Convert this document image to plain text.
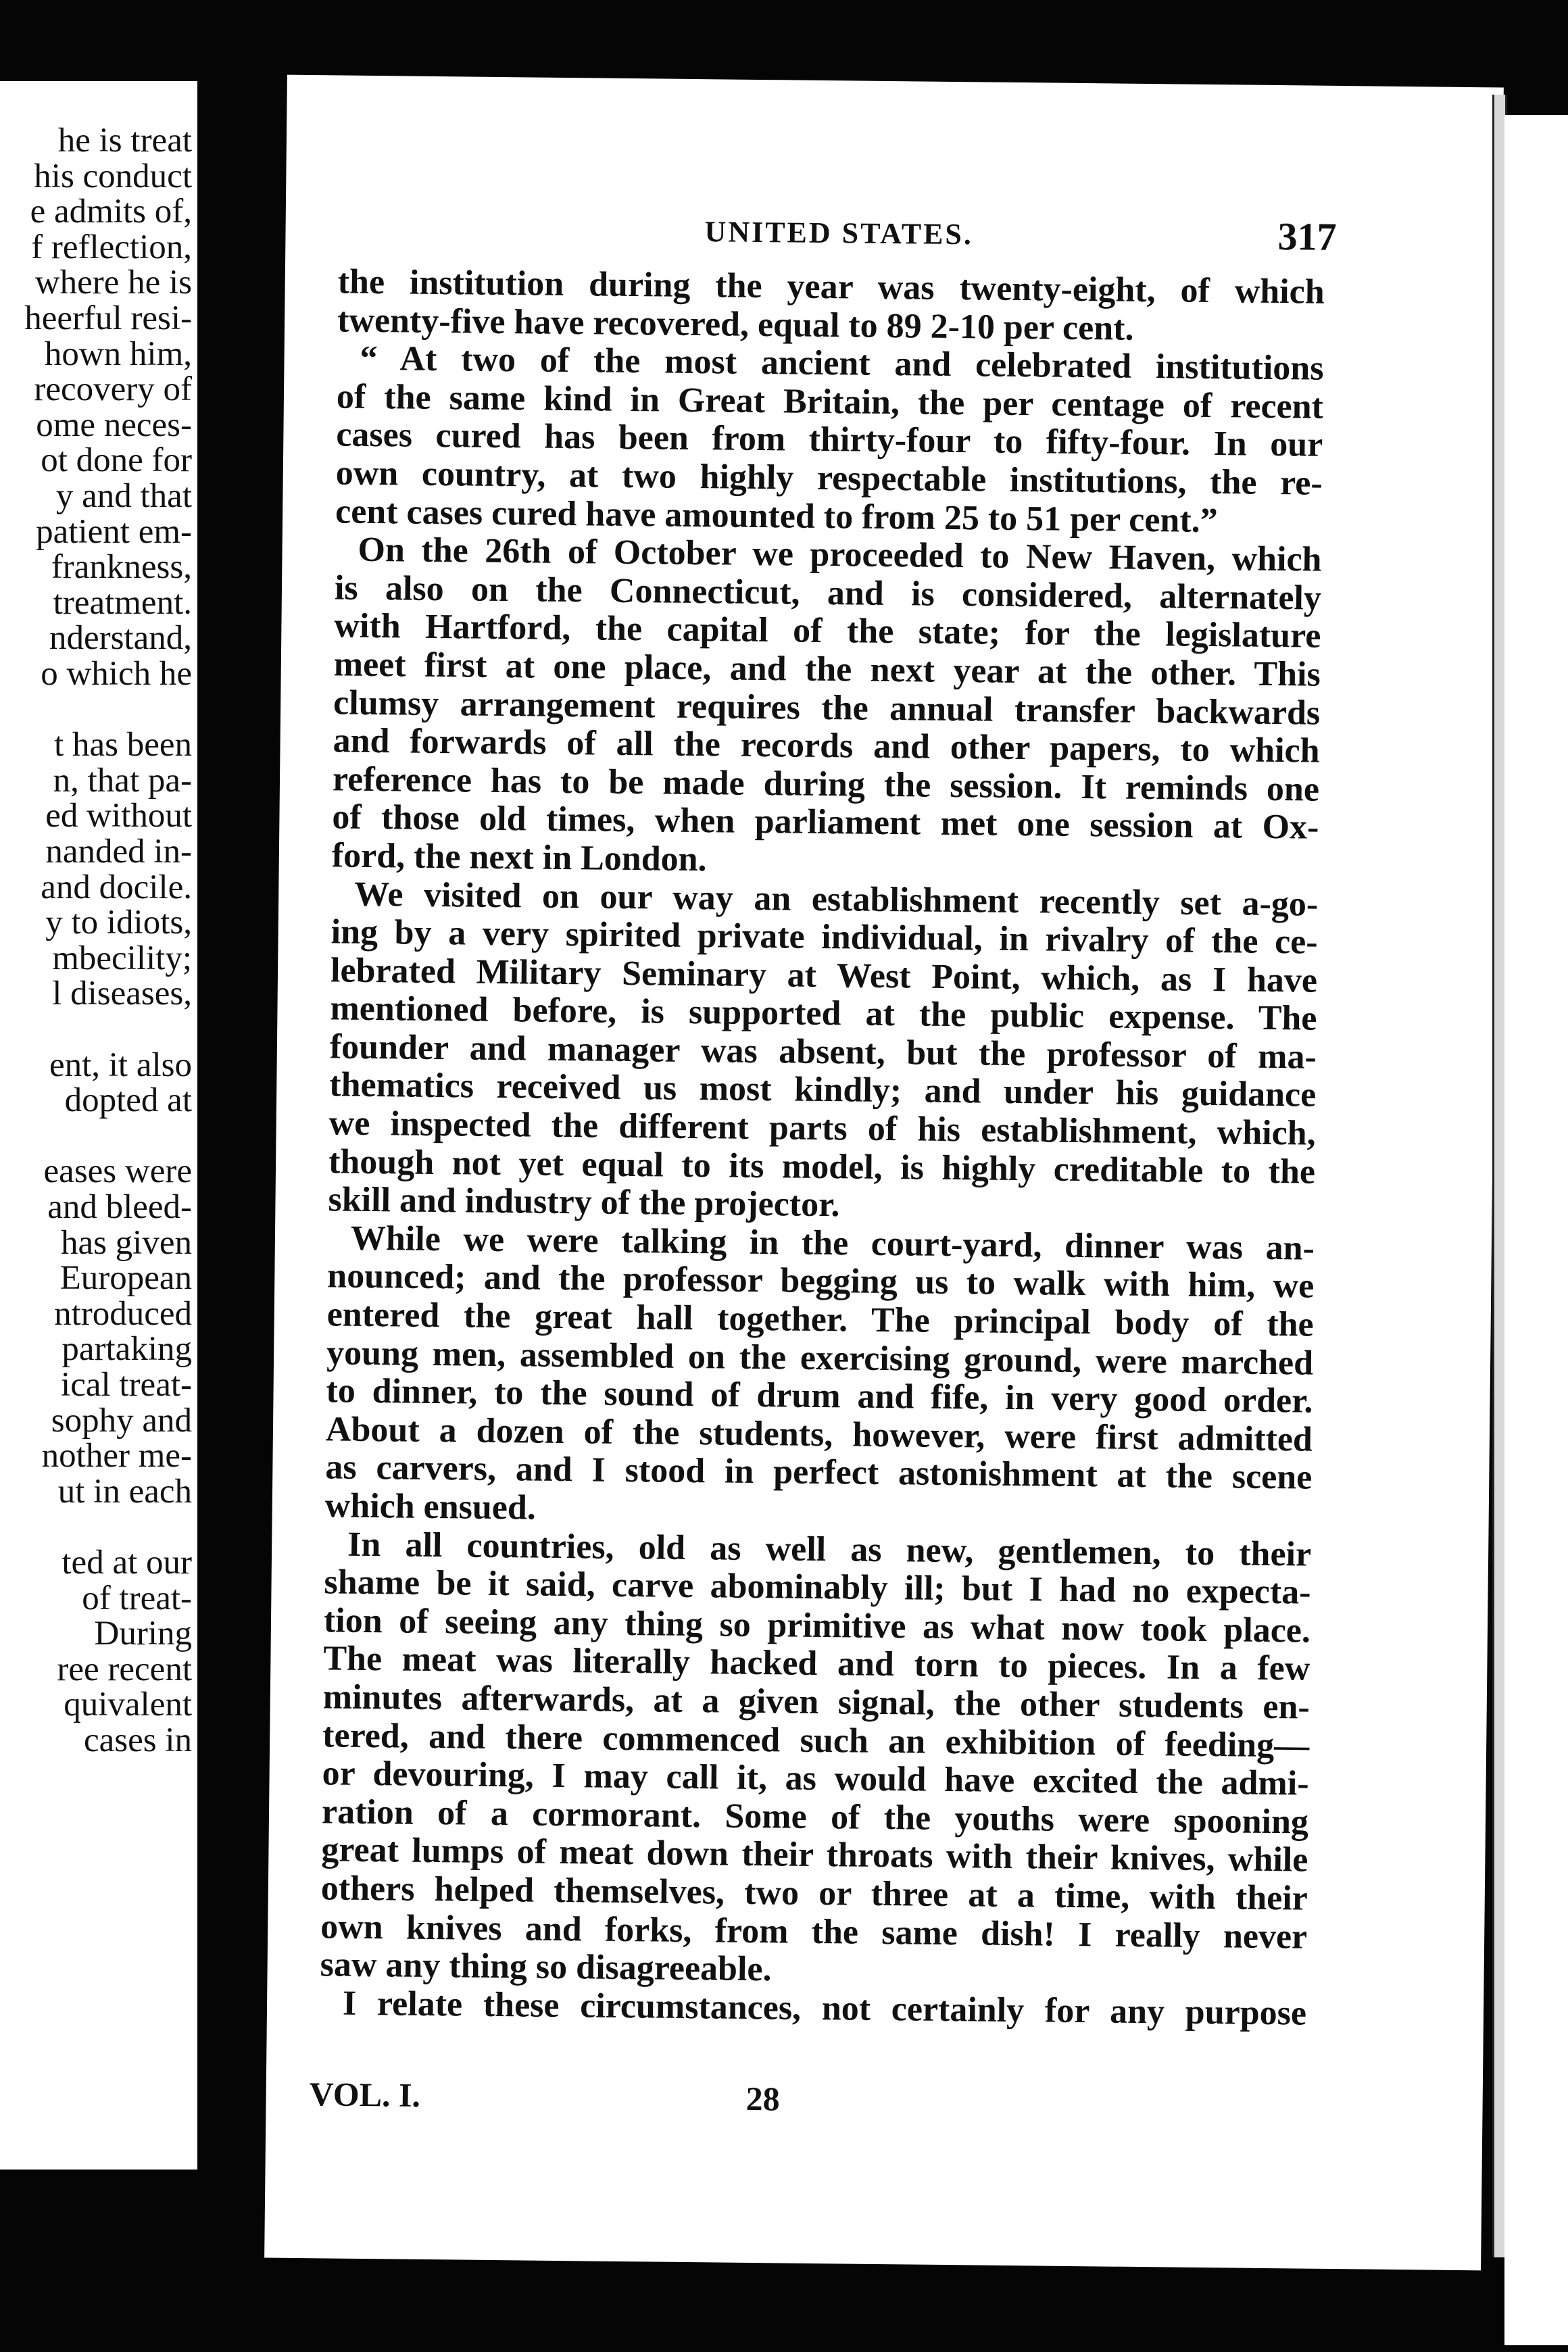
he is treat
his conduct
e admits of,
f reflection,
where he is
heerful resi-
hown him,
recovery of
ome neces-
ot done for
y and that
patient em-
frankness,
treatment.
nderstand,
o which he
t has been
n, that pa-
ed without
nanded in-
and docile.
y to idiots,
mbecility;
l diseases,
ent, it also
dopted at
eases were
and bleed-
has given
European
ntroduced
partaking
ical treat-
sophy and
nother me-
ut in each
ted at our
of treat-
During
ree recent
quivalent
cases in
UNITED STATES.	317
the institution during the year was twenty-eight, of which
twenty-five have recovered, equal to 89 2-10 per cent.
“ At two of the most ancient and celebrated institutions
of the same kind in Great Britain, the per centage of recent
cases cured has been from thirty-four to fifty-four. In our
own country, at two highly respectable institutions, the re-
cent cases cured have amounted to from 25 to 51 per cent.”
On the 26th of October we proceeded to New Haven, which
is also on the Connecticut, and is considered, alternately
with Hartford, the capital of the state; for the legislature
meet first at one place, and the next year at the other. This
clumsy arrangement requires the annual transfer backwards
and forwards of all the records and other papers, to which
reference has to be made during the session. It reminds one
of those old times, when parliament met one session at Ox-
ford, the next in London.
We visited on our way an establishment recently set a-go-
ing by a very spirited private individual, in rivalry of the ce-
lebrated Military Seminary at West Point, which, as I have
mentioned before, is supported at the public expense. The
founder and manager was absent, but the professor of ma-
thematics received us most kindly; and under his guidance
we inspected the different parts of his establishment, which,
though not yet equal to its model, is highly creditable to the
skill and industry of the projector.
While we were talking in the court-yard, dinner was an-
nounced; and the professor begging us to walk with him, we
entered the great hall together. The principal body of the
young men, assembled on the exercising ground, were marched
to dinner, to the sound of drum and fife, in very good order.
About a dozen of the students, however, were first admitted
as carvers, and I stood in perfect astonishment at the scene
which ensued.
In all countries, old as well as new, gentlemen, to their
shame be it said, carve abominably ill; but I had no expecta-
tion of seeing any thing so primitive as what now took place.
The meat was literally hacked and torn to pieces. In a few
minutes afterwards, at a given signal, the other students en-
tered, and there commenced such an exhibition of feeding—
or devouring, I may call it, as would have excited the admi-
ration of a cormorant. Some of the youths were spooning
great lumps of meat down their throats with their knives, while
others helped themselves, two or three at a time, with their
own knives and forks, from the same dish! I really never
saw any thing so disagreeable.
I relate these circumstances, not certainly for any purpose
VOL. I.	28
